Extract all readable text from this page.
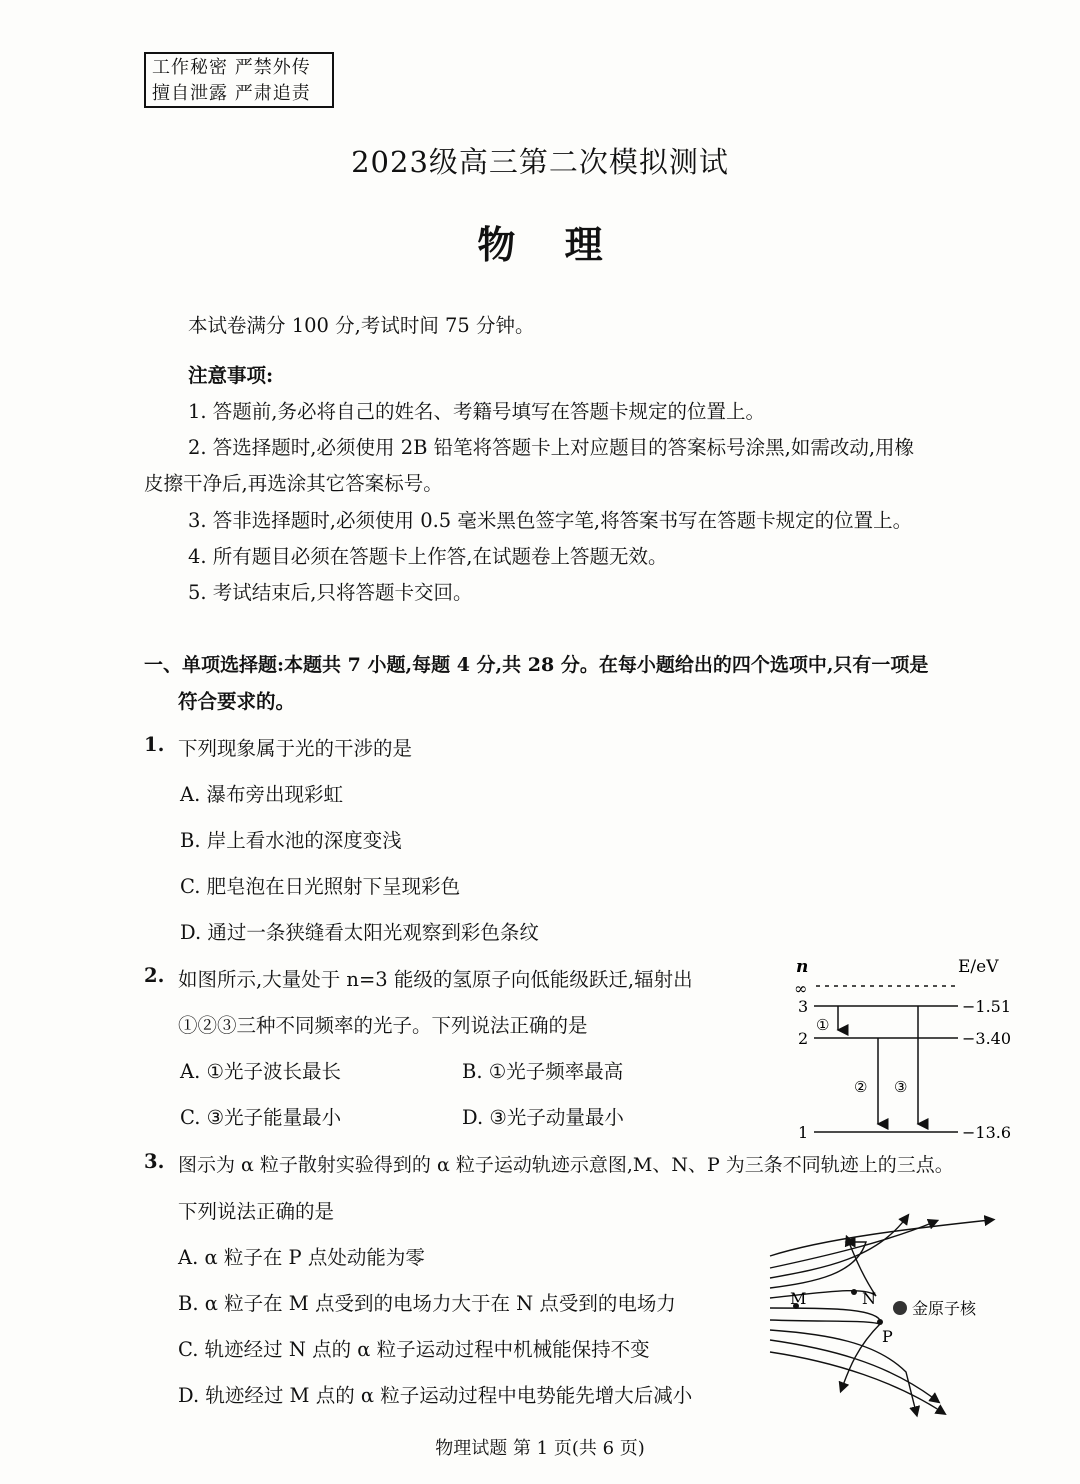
工作秘密 严禁外传
擅自泄露 严肃追责
2023级高三第二次模拟测试
物 理
本试卷满分 100 分,考试时间 75 分钟。
注意事项:
1. 答题前,务必将自己的姓名、考籍号填写在答题卡规定的位置上。
2. 答选择题时,必须使用 2B 铅笔将答题卡上对应题目的答案标号涂黑,如需改动,用橡
皮擦干净后,再选涂其它答案标号。
3. 答非选择题时,必须使用 0.5 毫米黑色签字笔,将答案书写在答题卡规定的位置上。
4. 所有题目必须在答题卡上作答,在试题卷上答题无效。
5. 考试结束后,只将答题卡交回。
一、单项选择题:本题共 7 小题,每题 4 分,共 28 分。在每小题给出的四个选项中,只有一项是
符合要求的。
1. 下列现象属于光的干涉的是
A. 瀑布旁出现彩虹
B. 岸上看水池的深度变浅
C. 肥皂泡在日光照射下呈现彩色
D. 通过一条狭缝看太阳光观察到彩色条纹
2. 如图所示,大量处于 n=3 能级的氢原子向低能级跃迁,辐射出
①②③三种不同频率的光子。下列说法正确的是
A. ①光子波长最长	B. ①光子频率最高
C. ③光子能量最小	D. ③光子动量最小
n	E/eV
∞
3	−1.51
2	−3.40
1	−13.6
①
② ③
3. 图示为 α 粒子散射实验得到的 α 粒子运动轨迹示意图,M、N、P 为三条不同轨迹上的三点。
下列说法正确的是
A. α 粒子在 P 点处动能为零
B. α 粒子在 M 点受到的电场力大于在 N 点受到的电场力
C. 轨迹经过 N 点的 α 粒子运动过程中机械能保持不变
D. 轨迹经过 M 点的 α 粒子运动过程中电势能先增大后减小
M	N
P
金原子核
物理试题 第 1 页(共 6 页)
